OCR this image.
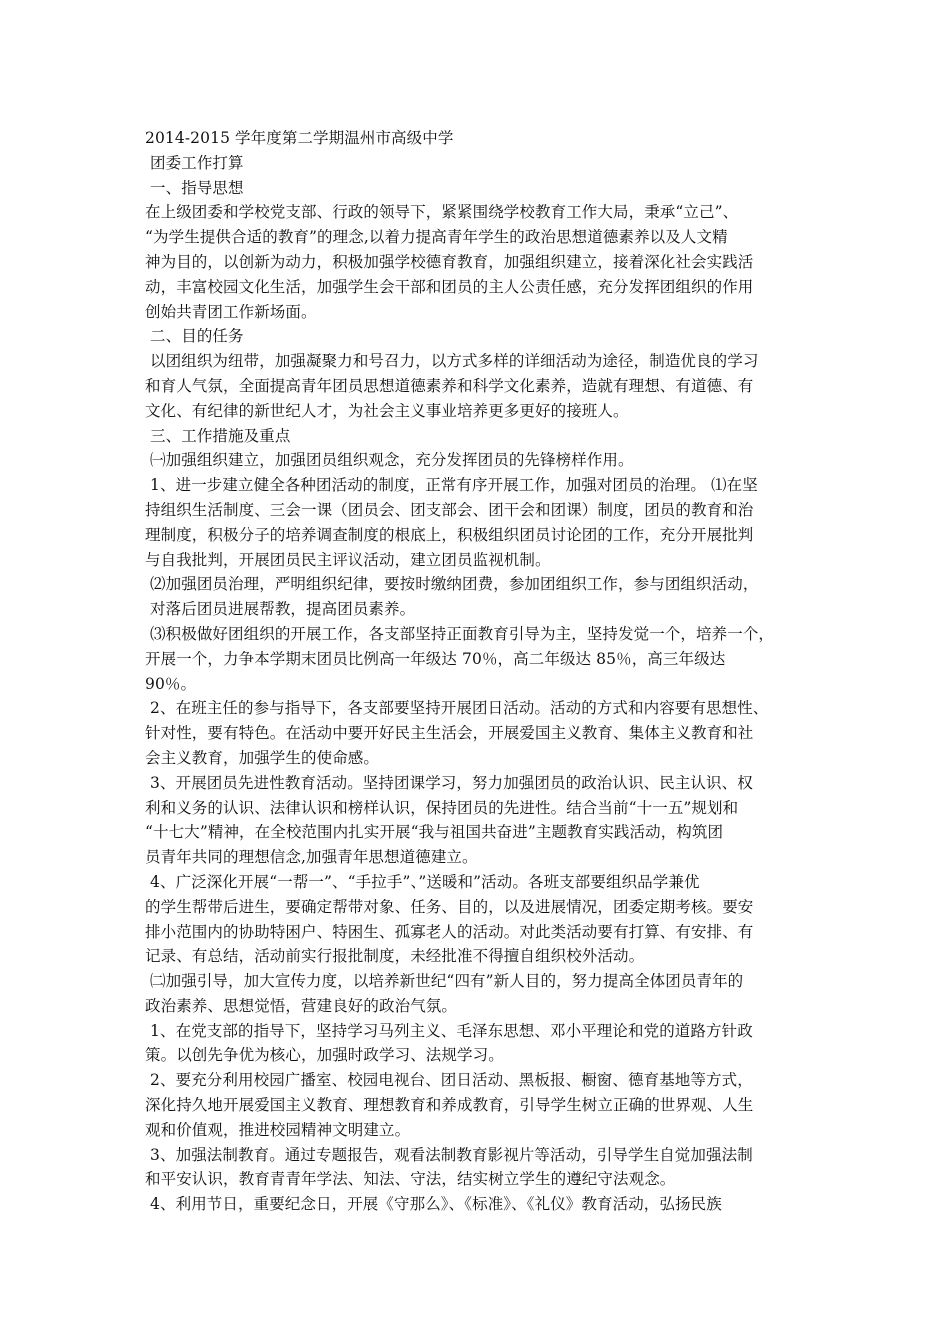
2014-2015 学年度第二学期温州市高级中学
团委工作打算
一、指导思想
在上级团委和学校党支部、行政的领导下，紧紧围绕学校教育工作大局，秉承“立己”、
“为学生提供合适的教育”的理念,以着力提高青年学生的政治思想道德素养以及人文精
神为目的，以创新为动力，积极加强学校德育教育，加强组织建立，接着深化社会实践活
动，丰富校园文化生活，加强学生会干部和团员的主人公责任感，充分发挥团组织的作用
创始共青团工作新场面。
二、目的任务
以团组织为纽带，加强凝聚力和号召力，以方式多样的详细活动为途径，制造优良的学习
和育人气氛，全面提高青年团员思想道德素养和科学文化素养，造就有理想、有道德、有
文化、有纪律的新世纪人才，为社会主义事业培养更多更好的接班人。
三、工作措施及重点
㈠加强组织建立，加强团员组织观念，充分发挥团员的先锋榜样作用。
1、进一步建立健全各种团活动的制度，正常有序开展工作，加强对团员的治理。 ⑴在坚
持组织生活制度、三会一课（团员会、团支部会、团干会和团课）制度，团员的教育和治
理制度，积极分子的培养调查制度的根底上，积极组织团员讨论团的工作，充分开展批判
与自我批判，开展团员民主评议活动，建立团员监视机制。
⑵加强团员治理，严明组织纪律，要按时缴纳团费，参加团组织工作，参与团组织活动，
对落后团员进展帮教，提高团员素养。
⑶积极做好团组织的开展工作，各支部坚持正面教育引导为主，坚持发觉一个，培养一个，
开展一个，力争本学期末团员比例高一年级达 70％，高二年级达 85％，高三年级达
90％。
2、在班主任的参与指导下，各支部要坚持开展团日活动。活动的方式和内容要有思想性、
针对性，要有特色。在活动中要开好民主生活会，开展爱国主义教育、集体主义教育和社
会主义教育，加强学生的使命感。
3、开展团员先进性教育活动。坚持团课学习，努力加强团员的政治认识、民主认识、权
利和义务的认识、法律认识和榜样认识，保持团员的先进性。结合当前“十一五”规划和
“十七大”精神，在全校范围内扎实开展“我与祖国共奋进”主题教育实践活动，构筑团
员青年共同的理想信念,加强青年思想道德建立。
4、广泛深化开展“一帮一”、“手拉手”、”送暖和”活动。各班支部要组织品学兼优
的学生帮带后进生，要确定帮带对象、任务、目的，以及进展情况，团委定期考核。要安
排小范围内的协助特困户、特困生、孤寡老人的活动。对此类活动要有打算、有安排、有
记录、有总结，活动前实行报批制度，未经批准不得擅自组织校外活动。
㈡加强引导，加大宣传力度，以培养新世纪“四有”新人目的，努力提高全体团员青年的
政治素养、思想觉悟，营建良好的政治气氛。
1、在党支部的指导下，坚持学习马列主义、毛泽东思想、邓小平理论和党的道路方针政
策。以创先争优为核心，加强时政学习、法规学习。
2、要充分利用校园广播室、校园电视台、团日活动、黑板报、橱窗、德育基地等方式，
深化持久地开展爱国主义教育、理想教育和养成教育，引导学生树立正确的世界观、人生
观和价值观，推进校园精神文明建立。
3、加强法制教育。通过专题报告，观看法制教育影视片等活动，引导学生自觉加强法制
和平安认识，教育青青年学法、知法、守法，结实树立学生的遵纪守法观念。
4、利用节日，重要纪念日，开展《守那么》、《标准》、《礼仪》教育活动，弘扬民族
